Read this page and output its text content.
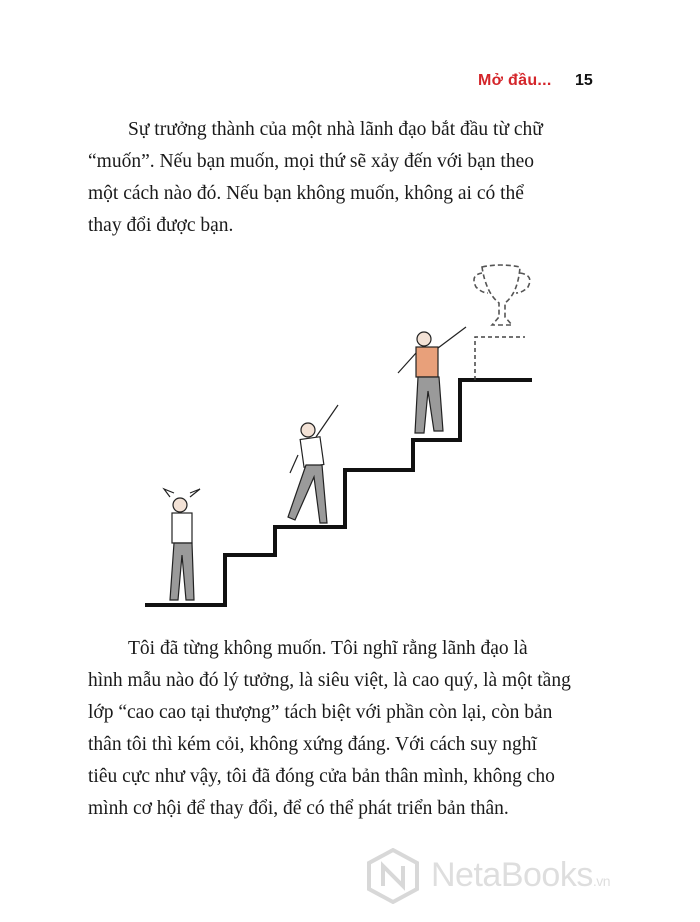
Mở đầu... 15
Sự trưởng thành của một nhà lãnh đạo bắt đầu từ chữ
“muốn”. Nếu bạn muốn, mọi thứ sẽ xảy đến với bạn theo
một cách nào đó. Nếu bạn không muốn, không ai có thể
thay đổi được bạn.
Tôi đã từng không muốn. Tôi nghĩ rằng lãnh đạo là
hình mẫu nào đó lý tưởng, là siêu việt, là cao quý, là một tầng
lớp “cao cao tại thượng” tách biệt với phần còn lại, còn bản
thân tôi thì kém cỏi, không xứng đáng. Với cách suy nghĩ
tiêu cực như vậy, tôi đã đóng cửa bản thân mình, không cho
mình cơ hội để thay đổi, để có thể phát triển bản thân.
NetaBooks.vn
